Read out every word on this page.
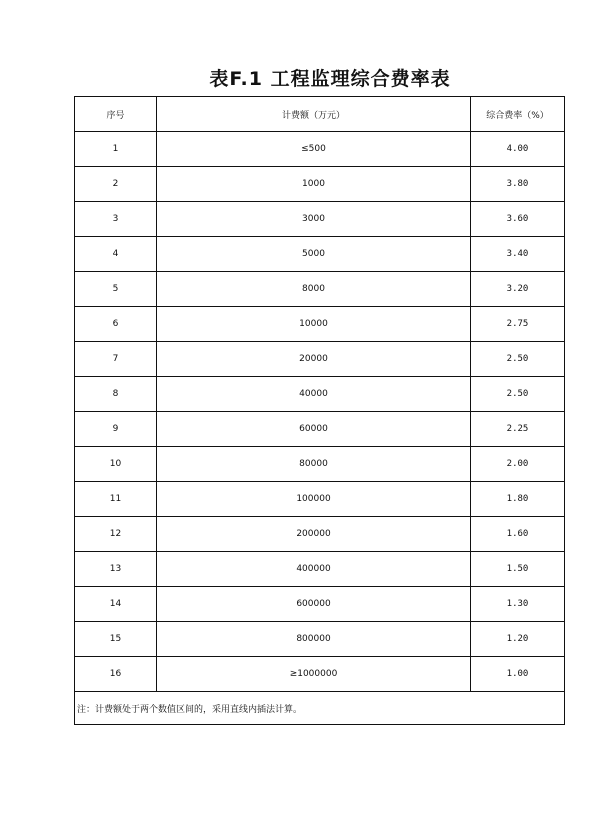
表F.1 工程监理综合费率表
序号	计费额（万元）	综合费率（%）
1	≤500	4.00
2	1000	3.80
3	3000	3.60
4	5000	3.40
5	8000	3.20
6	10000	2.75
7	20000	2.50
8	40000	2.50
9	60000	2.25
10	80000	2.00
11	100000	1.80
12	200000	1.60
13	400000	1.50
14	600000	1.30
15	800000	1.20
16	≥1000000	1.00
注：计费额处于两个数值区间的，采用直线内插法计算。		
